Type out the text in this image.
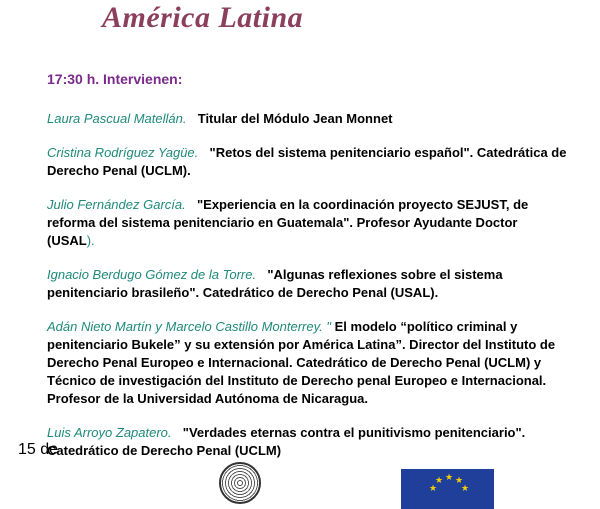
América Latina
17:30 h. Intervienen:

Laura Pascual Matellán. Titular del Módulo Jean Monnet

Cristina Rodríguez Yagüe. "Retos del sistema penitenciario español". Catedrática de Derecho Penal (UCLM).

Julio Fernández García. "Experiencia en la coordinación proyecto SEJUST, de reforma del sistema penitenciario en Guatemala". Profesor Ayudante Doctor (USAL).

Ignacio Berdugo Gómez de la Torre. "Algunas reflexiones sobre el sistema penitenciario brasileño". Catedrático de Derecho Penal (USAL).

Adán Nieto Martín y Marcelo Castillo Monterrey. " El modelo “político criminal y penitenciario Bukele” y su extensión por América Latina”. Director del Instituto de Derecho Penal Europeo e Internacional. Catedrático de Derecho Penal (UCLM) y Técnico de investigación del Instituto de Derecho penal Europeo e Internacional. Profesor de la Universidad Autónoma de Nicaragua.

Luis Arroyo Zapatero. "Verdades eternas contra el punitivismo penitenciario". Catedrático de Derecho Penal (UCLM)

15 de
★ ★ ★
★	★
